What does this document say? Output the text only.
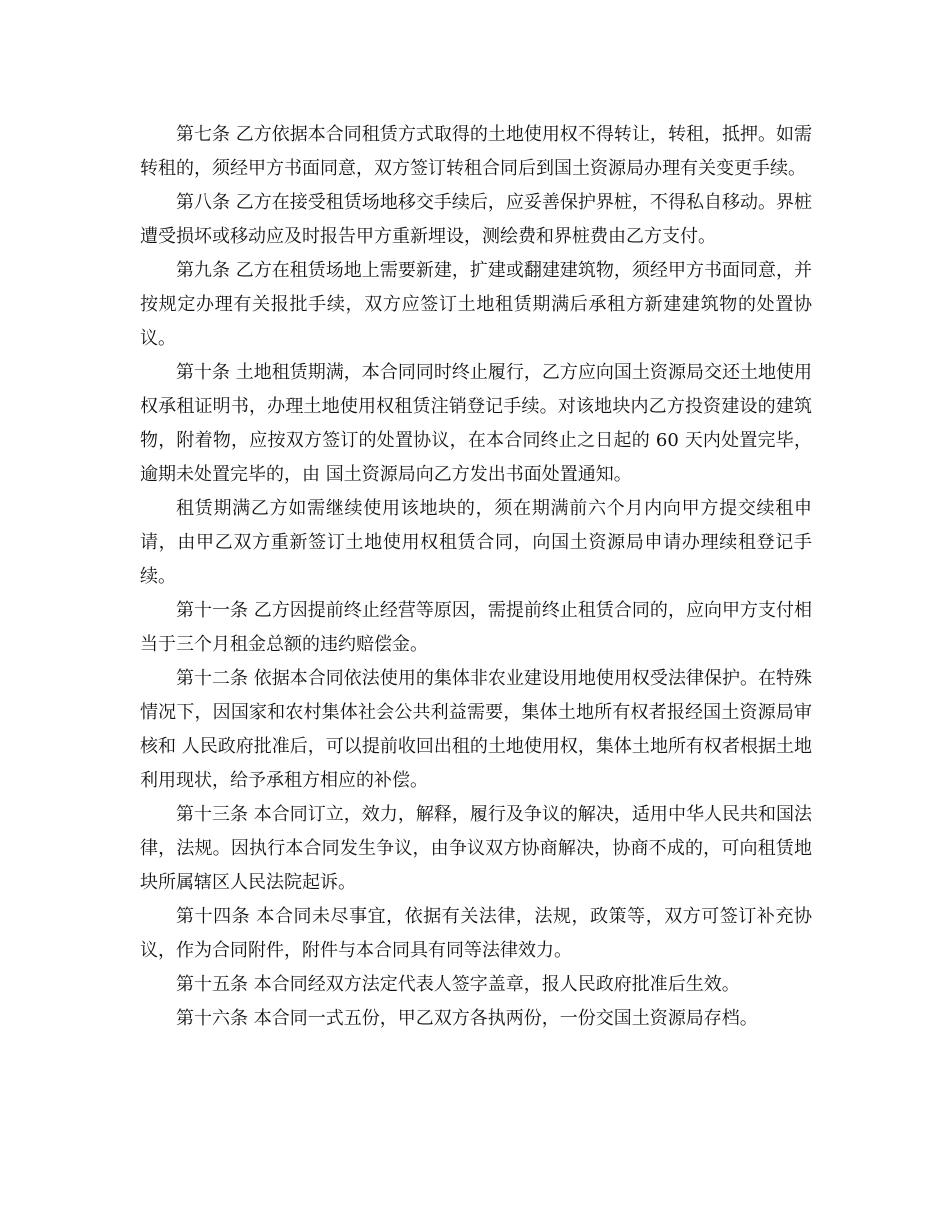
第七条 乙方依据本合同租赁方式取得的土地使用权不得转让，转租，抵押。如需转租的，须经甲方书面同意，双方签订转租合同后到国土资源局办理有关变更手续。

第八条 乙方在接受租赁场地移交手续后，应妥善保护界桩，不得私自移动。界桩遭受损坏或移动应及时报告甲方重新埋设，测绘费和界桩费由乙方支付。

第九条 乙方在租赁场地上需要新建，扩建或翻建建筑物，须经甲方书面同意，并按规定办理有关报批手续，双方应签订土地租赁期满后承租方新建建筑物的处置协议。

第十条 土地租赁期满，本合同同时终止履行，乙方应向国土资源局交还土地使用权承租证明书，办理土地使用权租赁注销登记手续。对该地块内乙方投资建设的建筑物，附着物，应按双方签订的处置协议，在本合同终止之日起的 60 天内处置完毕，逾期未处置完毕的，由 国土资源局向乙方发出书面处置通知。

租赁期满乙方如需继续使用该地块的，须在期满前六个月内向甲方提交续租申请，由甲乙双方重新签订土地使用权租赁合同，向国土资源局申请办理续租登记手续。

第十一条 乙方因提前终止经营等原因，需提前终止租赁合同的，应向甲方支付相当于三个月租金总额的违约赔偿金。

第十二条 依据本合同依法使用的集体非农业建设用地使用权受法律保护。在特殊情况下，因国家和农村集体社会公共利益需要，集体土地所有权者报经国土资源局审核和 人民政府批准后，可以提前收回出租的土地使用权，集体土地所有权者根据土地利用现状，给予承租方相应的补偿。

第十三条 本合同订立，效力，解释，履行及争议的解决，适用中华人民共和国法律，法规。因执行本合同发生争议，由争议双方协商解决，协商不成的，可向租赁地块所属辖区人民法院起诉。

第十四条 本合同未尽事宜，依据有关法律，法规，政策等，双方可签订补充协议，作为合同附件，附件与本合同具有同等法律效力。

第十五条 本合同经双方法定代表人签字盖章，报人民政府批准后生效。

第十六条 本合同一式五份，甲乙双方各执两份，一份交国土资源局存档。
